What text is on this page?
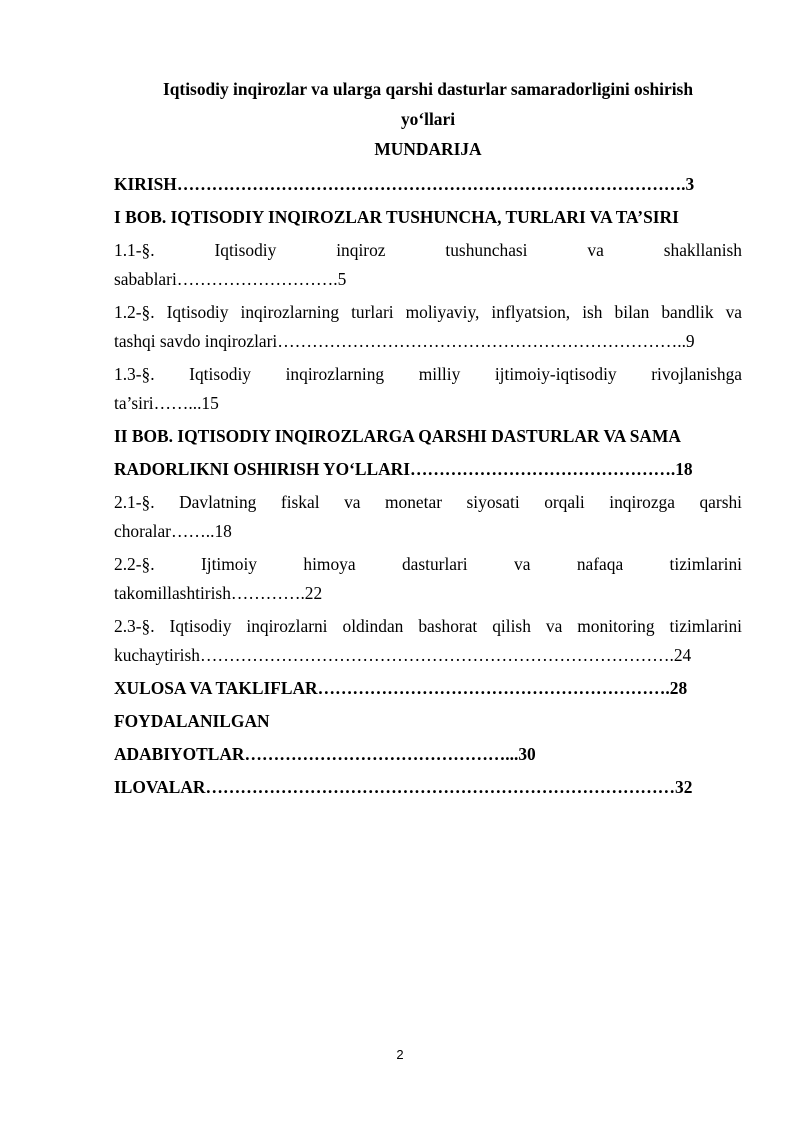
Iqtisodiy inqirozlar va ularga qarshi dasturlar samaradorligini oshirish

yo‘llari

MUNDARIJA

KIRISH…………………………………………………………………………….3

I BOB. IQTISODIY INQIROZLAR TUSHUNCHA, TURLARI VA TA’SIRI

1.1-§. Iqtisodiy inqiroz tushunchasi va shakllanish

sabablari……………………….5

1.2-§. Iqtisodiy inqirozlarning turlari moliyaviy, inflyatsion, ish bilan bandlik va

tashqi savdo inqirozlari……………………………………………………………..9

1.3-§. Iqtisodiy inqirozlarning milliy ijtimoiy-iqtisodiy rivojlanishga

ta’siri……...15

II BOB. IQTISODIY INQIROZLARGA QARSHI DASTURLAR VA SAMA

RADORLIKNI OSHIRISH YO‘LLARI……………………………………….18

2.1-§. Davlatning fiskal va monetar siyosati orqali inqirozga qarshi

choralar……..18

2.2-§. Ijtimoiy himoya dasturlari va nafaqa tizimlarini

takomillashtirish………….22

2.3-§. Iqtisodiy inqirozlarni oldindan bashorat qilish va monitoring tizimlarini

kuchaytirish……………………………………………………………………….24

XULOSA VA TAKLIFLAR…………………………………………………….28

FOYDALANILGAN

ADABIYOTLAR………………………………………...30

ILOVALAR………………………………………………………………………32

2
